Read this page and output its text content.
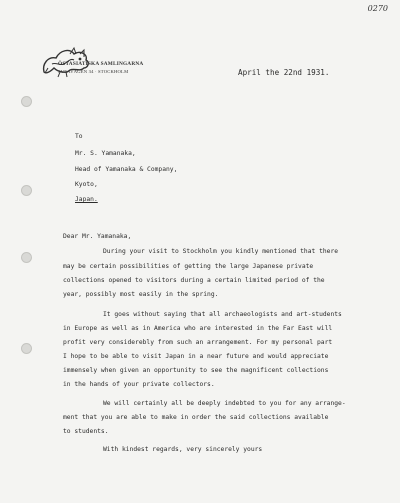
0270
ÖSTASIATISKA SAMLINGARNA
SVEAVÄGEN 34 · STOCKHOLM	April the 22nd 1931.
To
Mr. S. Yamanaka,
Head of Yamanaka & Company,
Kyoto,
Japan.
Dear Mr. Yamanaka,
During your visit to Stockholm you kindly mentioned that there
may be certain possibilities of getting the large Japanese private
collections opened to visitors during a certain limited period of the
year, possibly most easily in the spring.
It goes without saying that all archaeologists and art-students
in Europe as well as in America who are interested in the Far East will
profit very considerebly from such an arrangement. For my personal part
I hope to be able to visit Japan in a near future and would appreciate
immensely when given an opportunity to see the magnificent collections
in the hands of your private collectors.
We will certainly all be deeply indebted to you for any arrange-
ment that you are able to make in order the said collections available
to students.
With kindest regards, very sincerely yours
